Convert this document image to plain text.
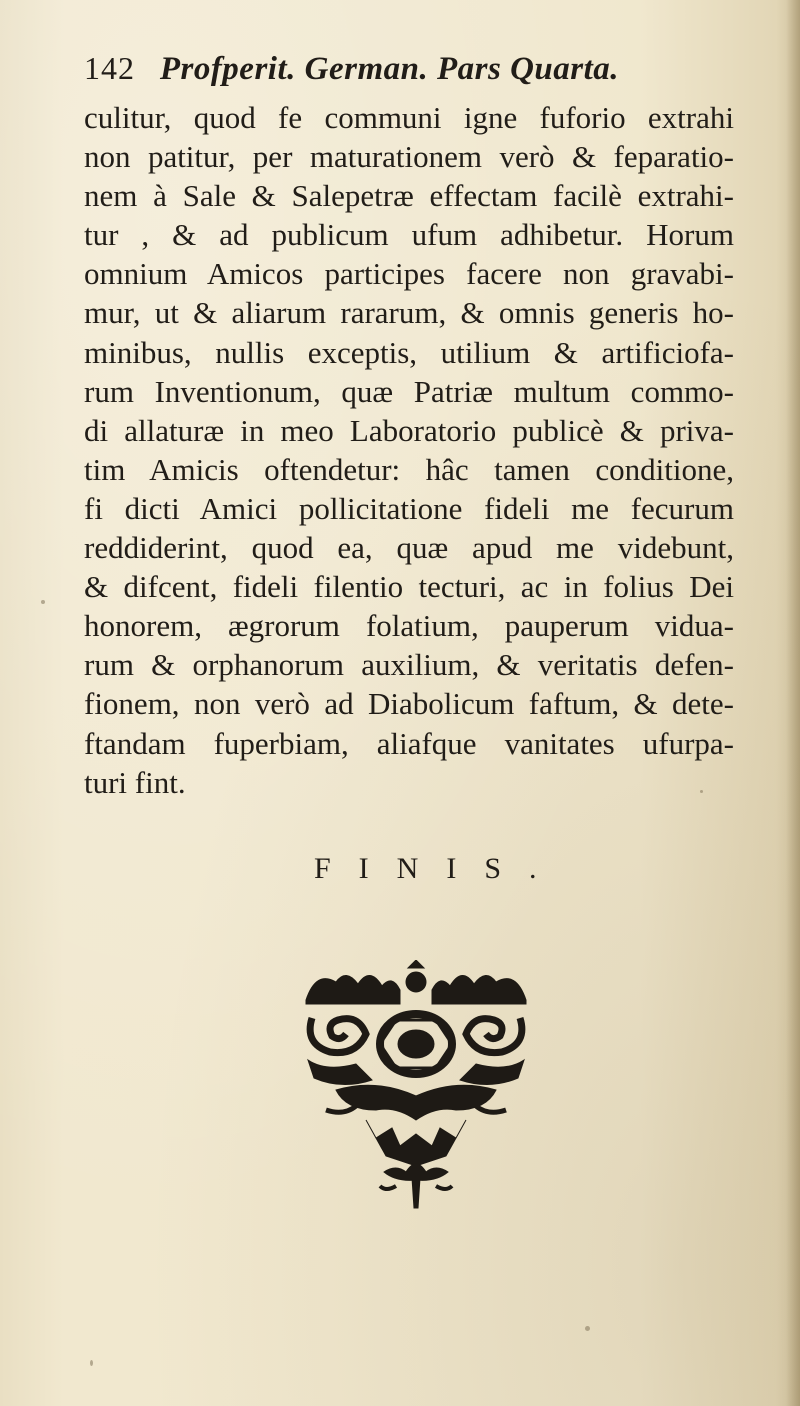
142 Profperit. German. Pars Quarta.
culitur, quod fe communi igne fuforio extrahi
non patitur, per maturationem verò & feparatio-
nem à Sale & Salepetræ effectam facilè extrahi-
tur , & ad publicum ufum adhibetur. Horum
omnium Amicos participes facere non gravabi-
mur, ut & aliarum rararum, & omnis generis ho-
minibus, nullis exceptis, utilium & artificiofa-
rum Inventionum, quæ Patriæ multum commo-
di allaturæ in meo Laboratorio publicè & priva-
tim Amicis oftendetur: hâc tamen conditione,
fi dicti Amici pollicitatione fideli me fecurum
reddiderint, quod ea, quæ apud me videbunt,
& difcent, fideli filentio tecturi, ac in folius Dei
honorem, ægrorum folatium, pauperum vidua-
rum & orphanorum auxilium, & veritatis defen-
fionem, non verò ad Diabolicum faftum, & dete-
ftandam fuperbiam, aliafque vanitates ufurpa-
turi fint.
FINIS.
